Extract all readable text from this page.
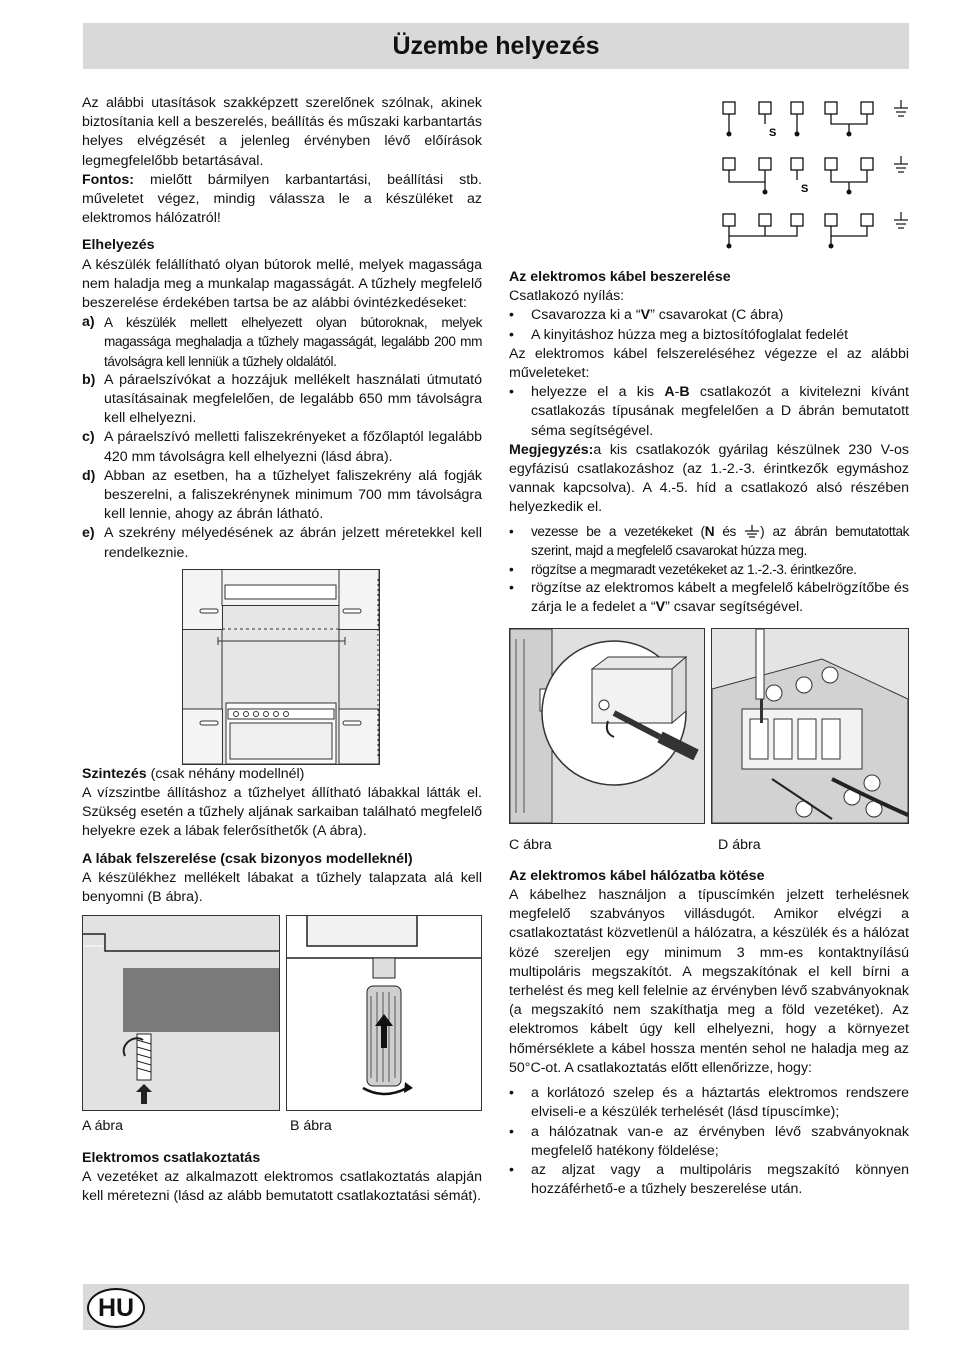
Üzembe helyezés

Az alábbi utasítások szakképzett szerelőnek szólnak, akinek biztosítania kell a beszerelés, beállítás és műszaki karbantartás helyes elvégzését a jelenleg érvényben lévő előírások legmegfelelőbb betartásával.

Fontos: mielőtt bármilyen karbantartási, beállítási stb. műveletet végez, mindig válassza le a készüléket az elektromos hálózatról!

Elhelyezés

A készülék felállítható olyan bútorok mellé, melyek magassága nem haladja meg a munkalap magasságát. A tűzhely megfelelő beszerelése érdekében tartsa be az alábbi óvintézkedéseket:

a) A készülék mellett elhelyezett olyan bútoroknak, melyek magassága meghaladja a tűzhely magasságát, legalább 200 mm távolságra kell lenniük a tűzhely oldalától.
b) A páraelszívókat a hozzájuk mellékelt használati útmutató utasításainak megfelelően, de legalább 650 mm távolságra kell elhelyezni.
c) A páraelszívó melletti faliszekrényeket a főzőlaptól legalább 420 mm távolságra kell elhelyezni (lásd ábra).
d) Abban az esetben, ha a tűzhelyet faliszekrény alá fogják beszerelni, a faliszekrénynek minimum 700 mm távolságra kell lennie, ahogy az ábrán látható.
e) A szekrény mélyedésének az ábrán jelzett méretekkel kell rendelkeznie.

Szintezés (csak néhány modellnél)

A vízszintbe állításhoz a tűzhelyet állítható lábakkal látták el. Szükség esetén a tűzhely aljának sarkaiban található megfelelő helyekre ezek a lábak felerősíthetők (A ábra).

A lábak felszerelése (csak bizonyos modelleknél)

A készülékhez mellékelt lábakat a tűzhely talapzata alá kell benyomni (B ábra).

A ábra	B ábra

Elektromos csatlakoztatás

A vezetéket az alkalmazott elektromos csatlakoztatás alapján kell méretezni (lásd az alább bemutatott csatlakoztatási sémát).

S
S

Az elektromos kábel beszerelése

Csatlakozó nyílás:

•	Csavarozza ki a “V” csavarokat (C ábra)
•	A kinyitáshoz húzza meg a biztosítófoglalat fedelét

Az elektromos kábel felszereléséhez végezze el az alábbi műveleteket:

•	helyezze el a kis A-B csatlakozót a kivitelezni kívánt csatlakozás típusának megfelelően a D ábrán bemutatott séma segítségével.

Megjegyzés:a kis csatlakozók gyárilag készülnek 230 V-os egyfázisú csatlakozáshoz (az 1.-2.-3. érintkezők egymáshoz vannak kapcsolva). A 4.-5. híd a csatlakozó alsó részében helyezkedik el.

•	vezesse be a vezetékeket (N és
) az ábrán bemutatottak szerint, majd a megfelelő csavarokat húzza meg.
•	rögzítse a megmaradt vezetékeket az 1.-2.-3. érintkezőre.
•	rögzítse az elektromos kábelt a megfelelő kábelrögzítőbe és zárja le a fedelet a “V” csavar segítségével.
C ábra	D ábra

Az elektromos kábel hálózatba kötése

A kábelhez használjon a típuscímkén jelzett terhelésnek megfelelő szabványos villásdugót. Amikor elvégzi a csatlakoztatást közvetlenül a hálózatra, a készülék és a hálózat közé szereljen egy minimum 3 mm-es kontaktnyílású multipoláris megszakítót. A megszakítónak el kell bírni a terhelést és meg kell felelnie az érvényben lévő szabványoknak (a megszakító nem szakíthatja meg a föld vezetéket). Az elektromos kábelt úgy kell elhelyezni, hogy a környezet hőmérséklete a kábel hossza mentén sehol ne haladja meg az 50°C-ot. A csatlakoztatás előtt ellenőrizze, hogy:

•	a korlátozó szelep és a háztartás elektromos rendszere elviseli-e a készülék terhelését (lásd típuscímke);
•	a hálózatnak van-e az érvényben lévő szabványoknak megfelelő hatékony földelése;
•	az aljzat vagy a multipoláris megszakító könnyen hozzáférhető-e a tűzhely beszerelése után.
HU
